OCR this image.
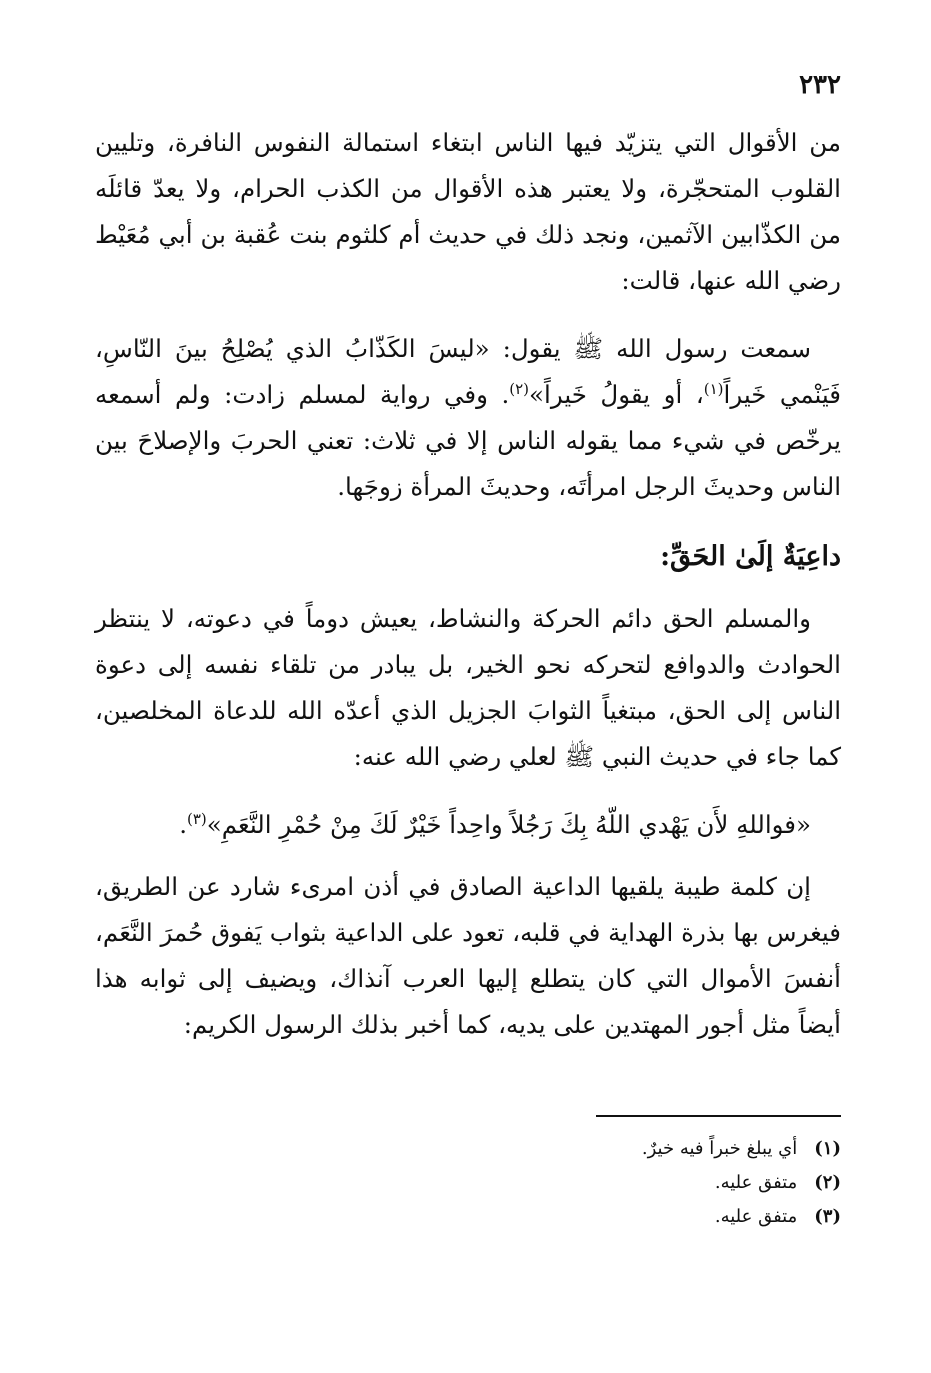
٢٣٢

من الأقوال التي يتزيّد فيها الناس ابتغاء استمالة النفوس النافرة، وتليين القلوب المتحجّرة، ولا يعتبر هذه الأقوال من الكذب الحرام، ولا يعدّ قائلَه من الكذّابين الآثمين، ونجد ذلك في حديث أم كلثوم بنت عُقبة بن أبي مُعَيْط رضي الله عنها، قالت:

سمعت رسول الله ﷺ يقول: «ليسَ الكَذّابُ الذي يُصْلِحُ بينَ النّاسِ، فَيَنْمي خَيراً$^{(١)}$، أو يقولُ خَيراً»$^{(٢)}$. وفي رواية لمسلم زادت: ولم أسمعه يرخّص في شيء مما يقوله الناس إلا في ثلاث: تعني الحربَ والإصلاحَ بين الناس وحديثَ الرجل امرأتَه، وحديثَ المرأة زوجَها.

داعِيَةٌ إلَىٰ الحَقِّ:

والمسلم الحق دائم الحركة والنشاط، يعيش دوماً في دعوته، لا ينتظر الحوادث والدوافع لتحركه نحو الخير، بل يبادر من تلقاء نفسه إلى دعوة الناس إلى الحق، مبتغياً الثوابَ الجزيل الذي أعدّه الله للدعاة المخلصين، كما جاء في حديث النبي ﷺ لعلي رضي الله عنه:

«فواللهِ لأَن يَهْدي اللّهُ بِكَ رَجُلاً واحِداً خَيْرٌ لَكَ مِنْ حُمْرِ النَّعَمِ»$^{(٣)}$.

إن كلمة طيبة يلقيها الداعية الصادق في أذن امرىء شارد عن الطريق، فيغرس بها بذرة الهداية في قلبه، تعود على الداعية بثواب يَفوق حُمرَ النَّعَم، أنفسَ الأموال التي كان يتطلع إليها العرب آنذاك، ويضيف إلى ثوابه هذا أيضاً مثل أجور المهتدين على يديه، كما أخبر بذلك الرسول الكريم:

(١) أي يبلغ خبراً فيه خيرٌ.
(٢) متفق عليه.
(٣) متفق عليه.
